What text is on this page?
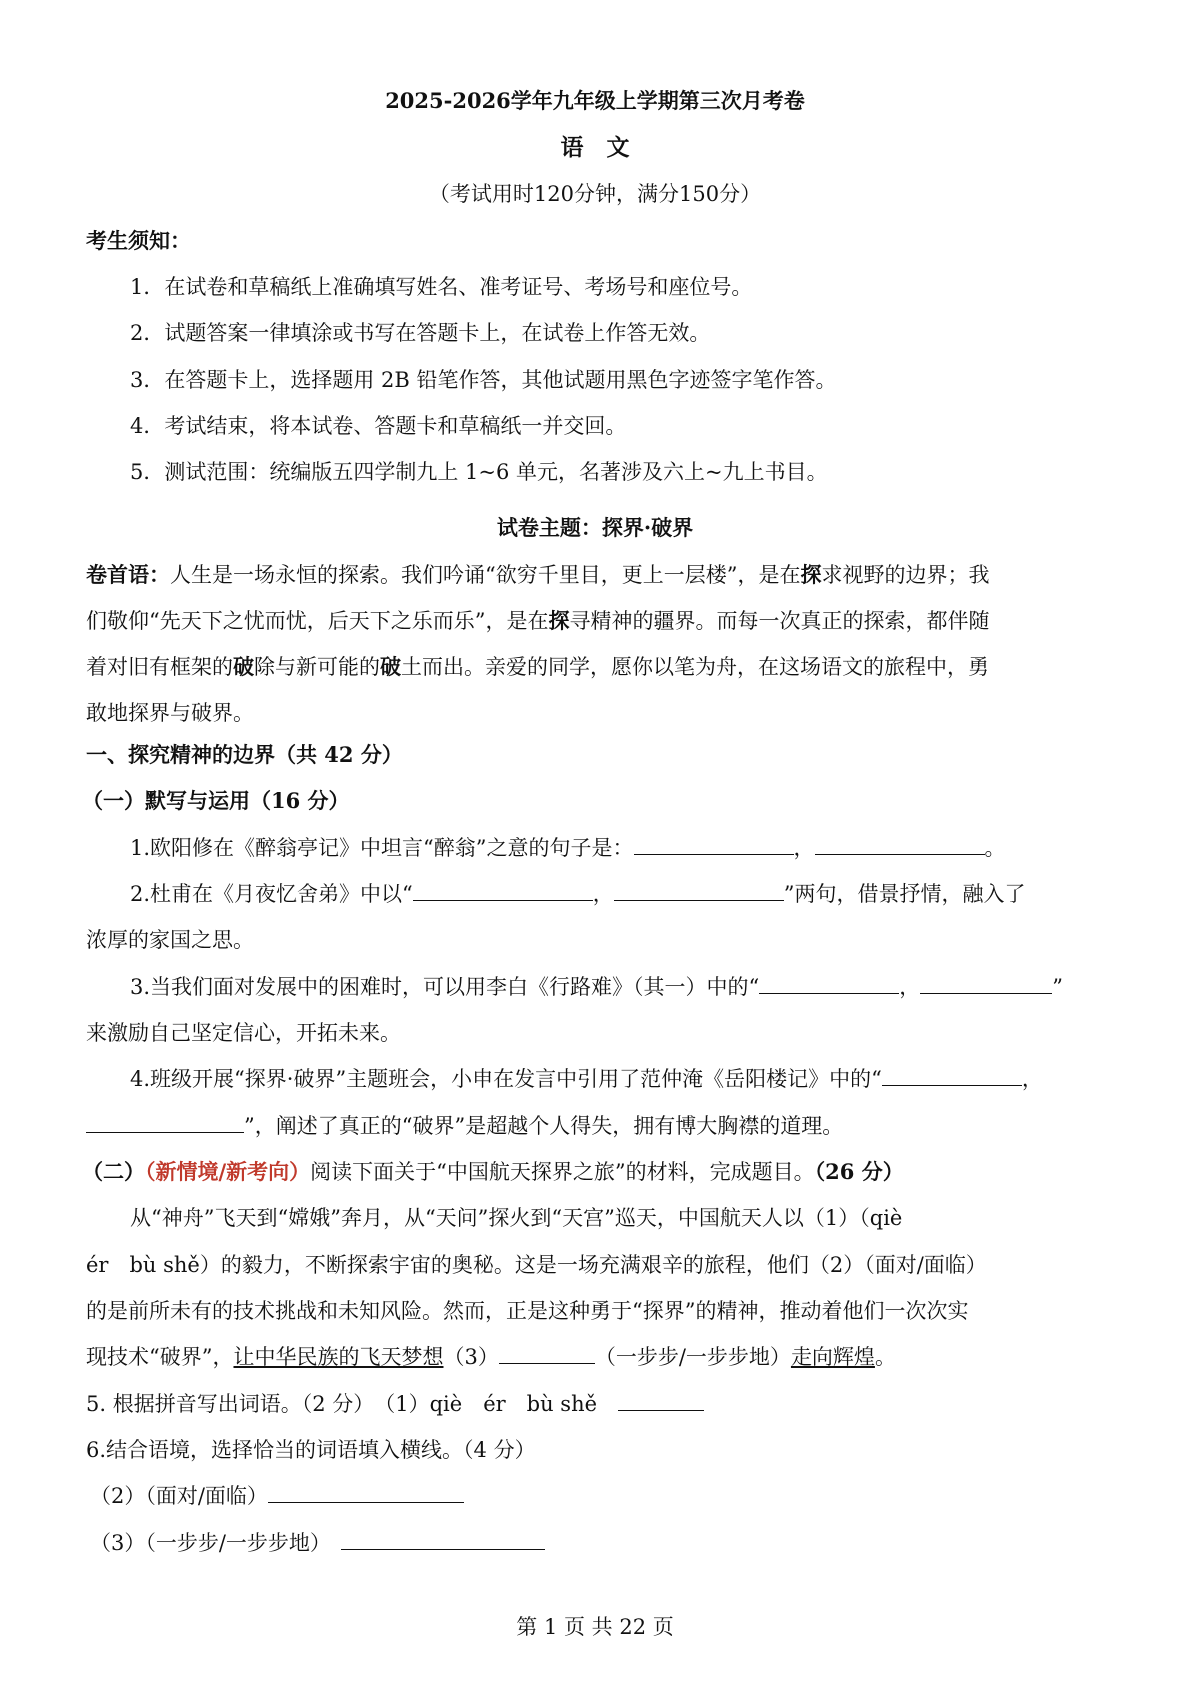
2025-2026学年九年级上学期第三次月考卷
语　文
（考试用时120分钟，满分150分）
考生须知：
1．在试卷和草稿纸上准确填写姓名、准考证号、考场号和座位号。
2．试题答案一律填涂或书写在答题卡上，在试卷上作答无效。
3．在答题卡上，选择题用 2B 铅笔作答，其他试题用黑色字迹签字笔作答。
4．考试结束，将本试卷、答题卡和草稿纸一并交回。
5．测试范围：统编版五四学制九上 1~6 单元，名著涉及六上~九上书目。
试卷主题：探界·破界
卷首语：人生是一场永恒的探索。我们吟诵“欲穷千里目，更上一层楼”，是在探求视野的边界；我
们敬仰“先天下之忧而忧，后天下之乐而乐”，是在探寻精神的疆界。而每一次真正的探索，都伴随
着对旧有框架的破除与新可能的破土而出。亲爱的同学，愿你以笔为舟，在这场语文的旅程中，勇
敢地探界与破界。
一、探究精神的边界（共 42 分）
（一）默写与运用（16 分）
1.欧阳修在《醉翁亭记》中坦言“醉翁”之意的句子是：	，	。
2.杜甫在《月夜忆舍弟》中以“	，	”两句，借景抒情，融入了
浓厚的家国之思。
3.当我们面对发展中的困难时，可以用李白《行路难》（其一）中的“	，	”
来激励自己坚定信心，开拓未来。
4.班级开展“探界·破界”主题班会，小申在发言中引用了范仲淹《岳阳楼记》中的“	，
”，阐述了真正的“破界”是超越个人得失，拥有博大胸襟的道理。
（二）（新情境/新考向）阅读下面关于“中国航天探界之旅”的材料，完成题目。（26 分）
从“神舟”飞天到“嫦娥”奔月，从“天问”探火到“天宫”巡天，中国航天人以（1）（qiè
ér　bù shě）的毅力，不断探索宇宙的奥秘。这是一场充满艰辛的旅程，他们（2）（面对/面临）
的是前所未有的技术挑战和未知风险。然而，正是这种勇于“探界”的精神，推动着他们一次次实
现技术“破界”，让中华民族的飞天梦想（3）	（一步步/一步步地）走向辉煌。
5. 根据拼音写出词语。（2 分）　（1）qiè　ér　bù shě　
6.结合语境，选择恰当的词语填入横线。（4 分）
（2）（面对/面临）
（3）（一步步/一步步地）　
第 1 页 共 22 页
